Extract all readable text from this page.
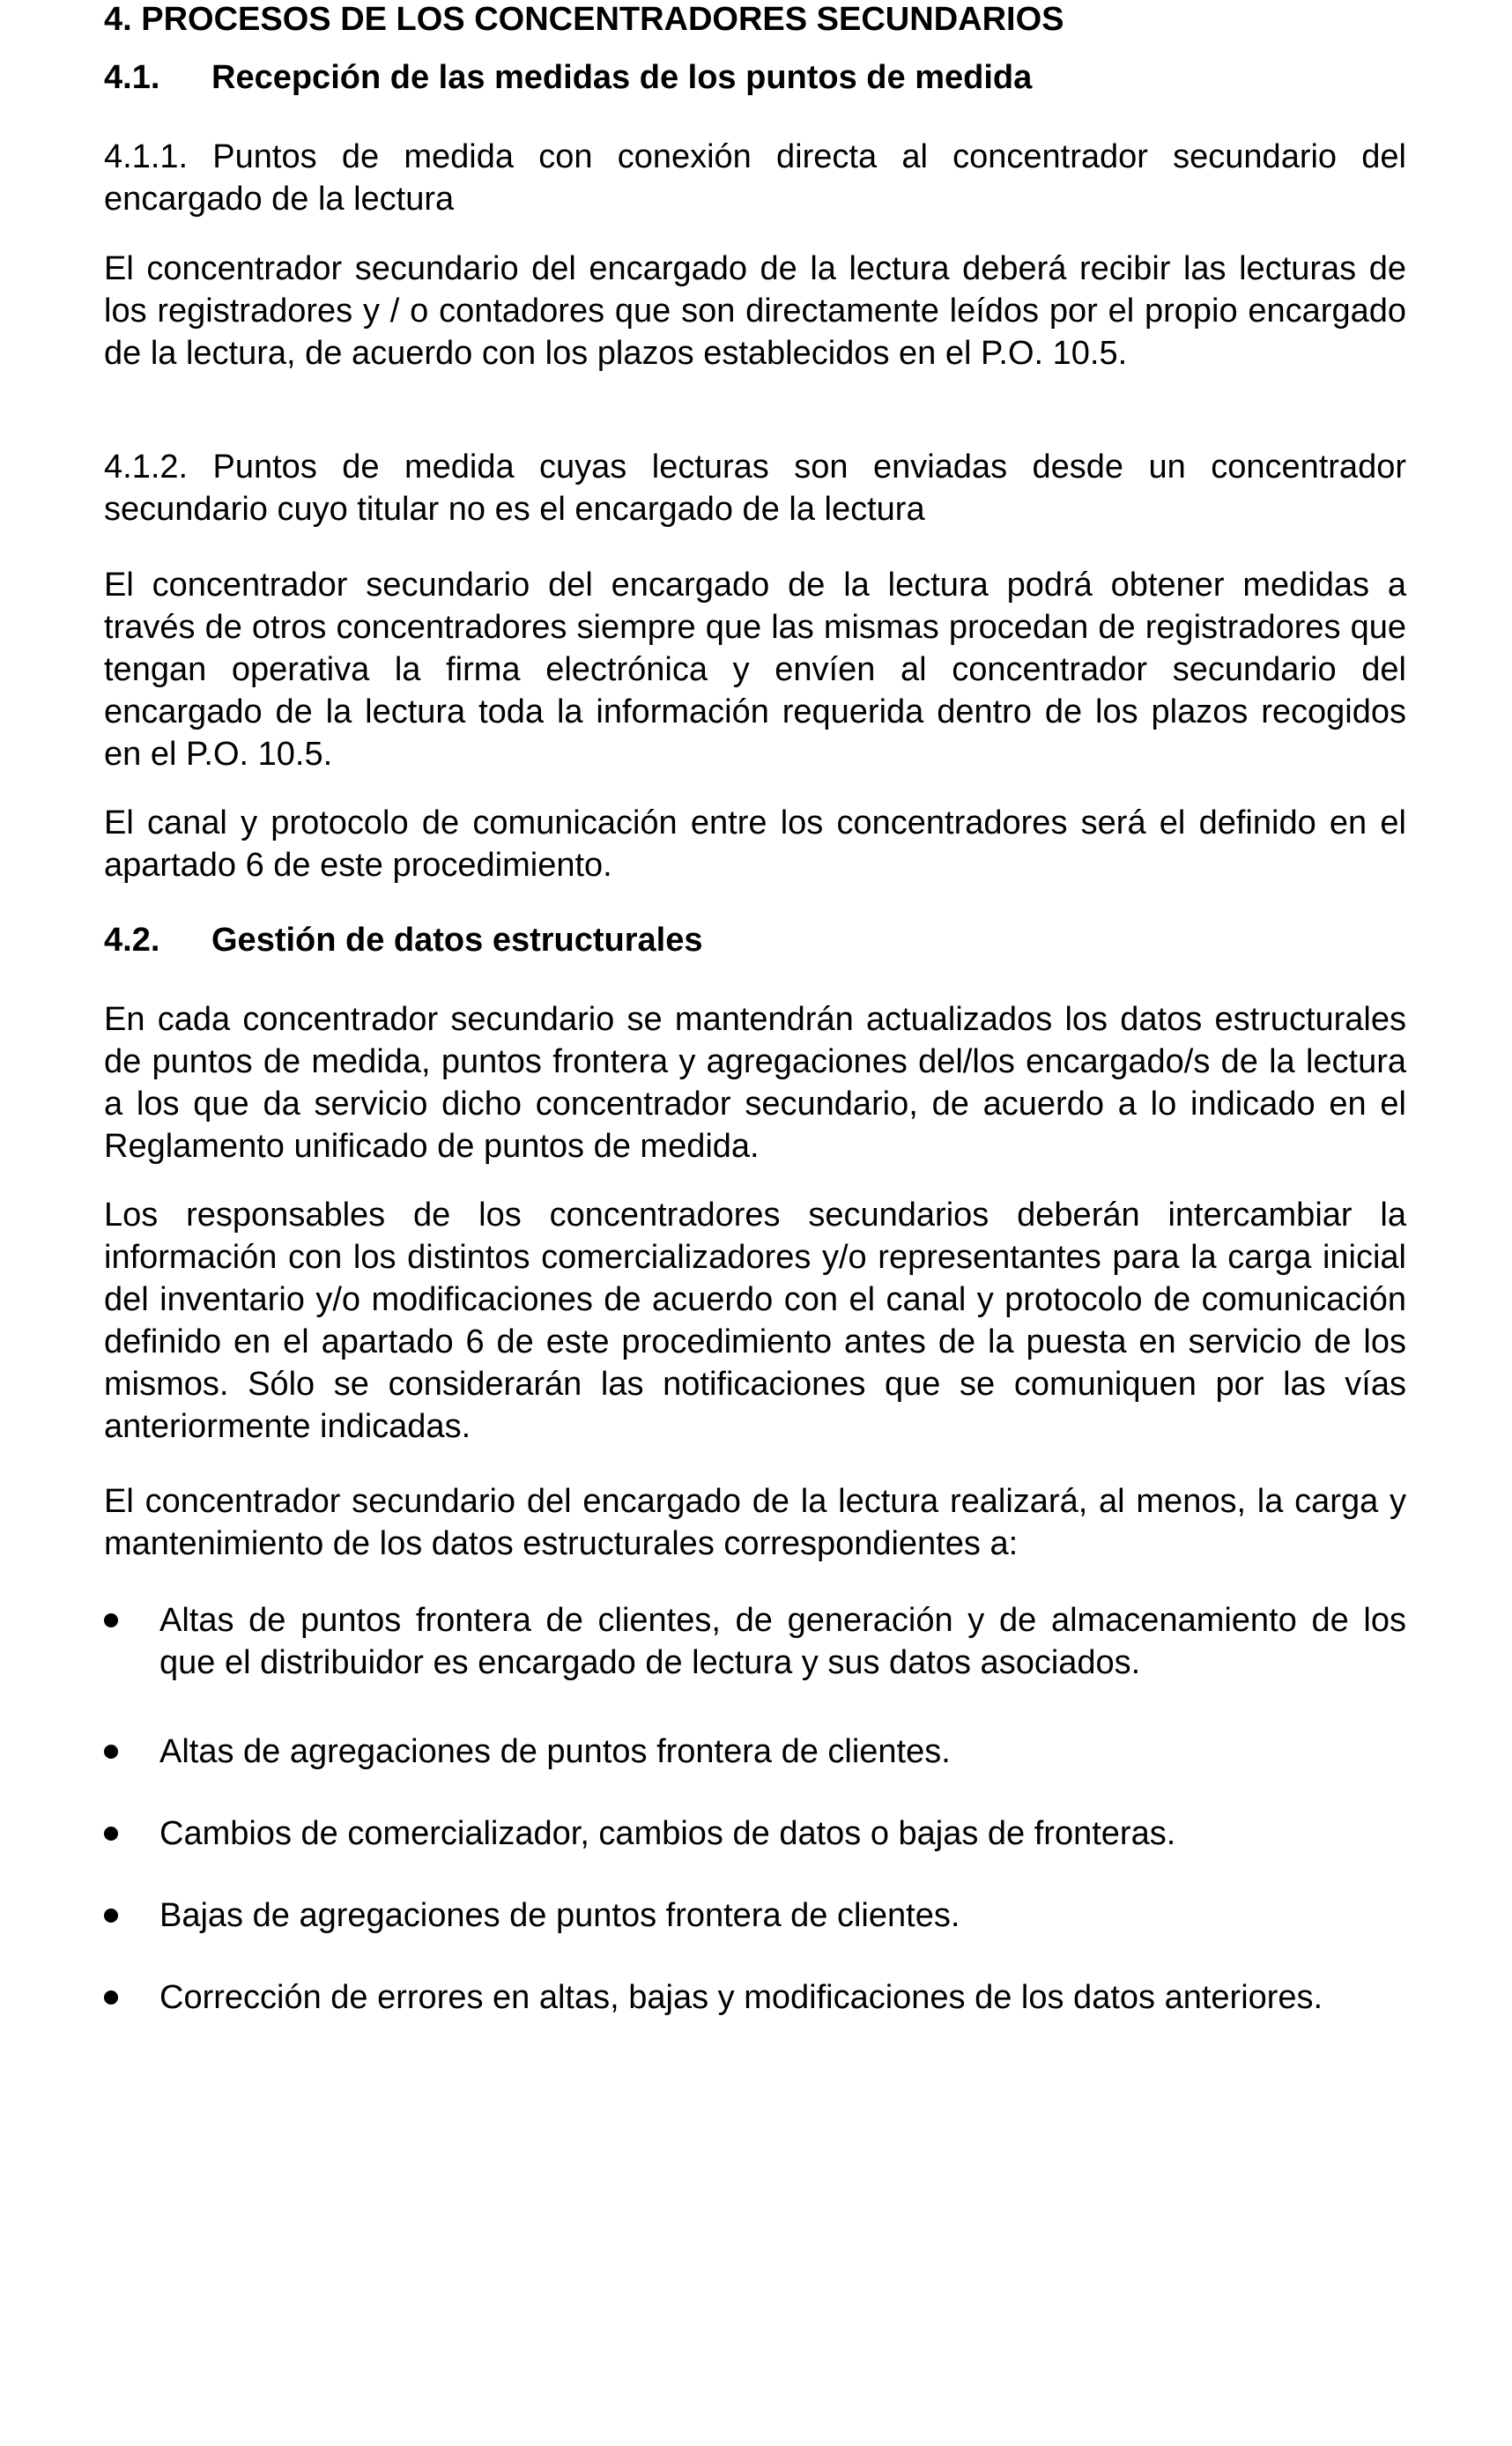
4. PROCESOS DE LOS CONCENTRADORES SECUNDARIOS
4.1. Recepción de las medidas de los puntos de medida

4.1.1. Puntos de medida con conexión directa al concentrador secundario del encargado de la lectura

El concentrador secundario del encargado de la lectura deberá recibir las lecturas de los registradores y / o contadores que son directamente leídos por el propio encargado de la lectura, de acuerdo con los plazos establecidos en el P.O. 10.5.

4.1.2. Puntos de medida cuyas lecturas son enviadas desde un concentrador secundario cuyo titular no es el encargado de la lectura

El concentrador secundario del encargado de la lectura podrá obtener medidas a través de otros concentradores siempre que las mismas procedan de registradores que tengan operativa la firma electrónica y envíen al concentrador secundario del encargado de la lectura toda la información requerida dentro de los plazos recogidos en el P.O. 10.5.

El canal y protocolo de comunicación entre los concentradores será el definido en el apartado 6 de este procedimiento.

4.2. Gestión de datos estructurales

En cada concentrador secundario se mantendrán actualizados los datos estructurales de puntos de medida, puntos frontera y agregaciones del/los encargado/s de la lectura a los que da servicio dicho concentrador secundario, de acuerdo a lo indicado en el Reglamento unificado de puntos de medida.

Los responsables de los concentradores secundarios deberán intercambiar la información con los distintos comercializadores y/o representantes para la carga inicial del inventario y/o modificaciones de acuerdo con el canal y protocolo de comunicación definido en el apartado 6 de este procedimiento antes de la puesta en servicio de los mismos. Sólo se considerarán las notificaciones que se comuniquen por las vías anteriormente indicadas.

El concentrador secundario del encargado de la lectura realizará, al menos, la carga y mantenimiento de los datos estructurales correspondientes a:

Altas de puntos frontera de clientes, de generación y de almacenamiento de los que el distribuidor es encargado de lectura y sus datos asociados.

Altas de agregaciones de puntos frontera de clientes.

Cambios de comercializador, cambios de datos o bajas de fronteras.

Bajas de agregaciones de puntos frontera de clientes.

Corrección de errores en altas, bajas y modificaciones de los datos anteriores.
